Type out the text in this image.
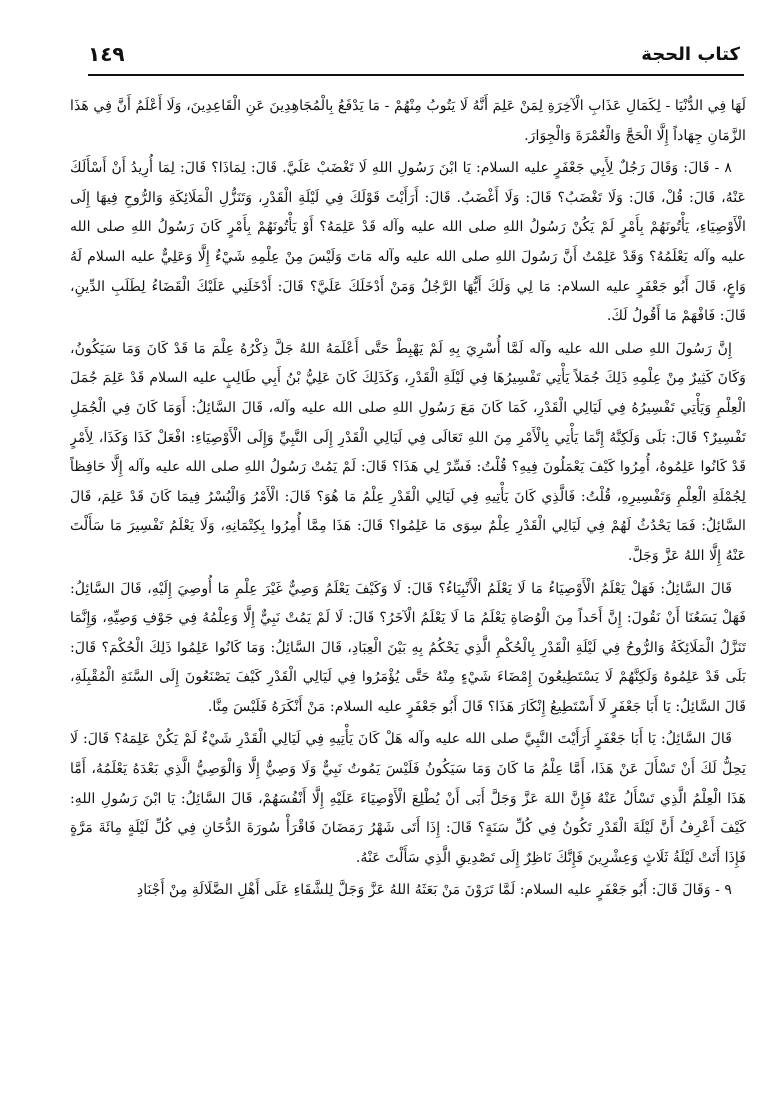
كتاب الحجة
١٤٩

لَهَا فِي الدُّنْيَا - لِكَمَالِ عَذَابِ الْآخِرَةِ لِمَنْ عَلِمَ أَنَّهُ لَا يَتُوبُ مِنْهُمْ - مَا يَدْفَعُ بِالْمُجَاهِدِينَ عَنِ الْقَاعِدِينَ، وَلَا أَعْلَمُ أَنَّ فِي هَذَا الزَّمَانِ جِهَاداً إِلَّا الْحَجَّ وَالْعُمْرَةَ وَالْجِوَارَ.

٨ - قَالَ: وَقَالَ رَجُلٌ لِأَبِي جَعْفَرٍ عليه السلام: يَا ابْنَ رَسُولِ اللهِ لَا تَغْضَبْ عَلَيَّ. قَالَ: لِمَاذَا؟ قَالَ: لِمَا أُرِيدُ أَنْ أَسْأَلَكَ عَنْهُ، قَالَ: قُلْ، قَالَ: وَلَا تَغْضَبُ؟ قَالَ: وَلَا أَغْضَبُ. قَالَ: أَرَأَيْتَ قَوْلَكَ فِي لَيْلَةِ الْقَدْرِ، وَتَنَزُّلِ الْمَلَائِكَةِ وَالرُّوحِ فِيهَا إِلَى الْأَوْصِيَاءِ، يَأْتُونَهُمْ بِأَمْرٍ لَمْ يَكُنْ رَسُولُ اللهِ صلى الله عليه وآله قَدْ عَلِمَهُ؟ أَوْ يَأْتُونَهُمْ بِأَمْرٍ كَانَ رَسُولُ اللهِ صلى الله عليه وآله يَعْلَمُهُ؟ وَقَدْ عَلِمْتُ أَنَّ رَسُولَ اللهِ صلى الله عليه وآله مَاتَ وَلَيْسَ مِنْ عِلْمِهِ شَيْءٌ إِلَّا وَعَلِيٌّ عليه السلام لَهُ وَاعٍ، قَالَ أَبُو جَعْفَرٍ عليه السلام: مَا لِي وَلَكَ أَيُّهَا الرَّجُلُ وَمَنْ أَدْخَلَكَ عَلَيَّ؟ قَالَ: أَدْخَلَنِي عَلَيْكَ الْقَضَاءُ لِطَلَبِ الدِّينِ، قَالَ: فَافْهَمْ مَا أَقُولُ لَكَ.

إِنَّ رَسُولَ اللهِ صلى الله عليه وآله لَمَّا أُسْرِيَ بِهِ لَمْ يَهْبِطْ حَتَّى أَعْلَمَهُ اللهُ جَلَّ ذِكْرُهُ عِلْمَ مَا قَدْ كَانَ وَمَا سَيَكُونُ، وَكَانَ كَثِيرٌ مِنْ عِلْمِهِ ذَلِكَ جُمَلاً يَأْتِي تَفْسِيرُهَا فِي لَيْلَةِ الْقَدْرِ، وَكَذَلِكَ كَانَ عَلِيُّ بْنُ أَبِي طَالِبٍ عليه السلام قَدْ عَلِمَ جُمَلَ الْعِلْمِ وَيَأْتِي تَفْسِيرُهُ فِي لَيَالِي الْقَدْرِ، كَمَا كَانَ مَعَ رَسُولِ اللهِ صلى الله عليه وآله، قَالَ السَّائِلُ: أَوَمَا كَانَ فِي الْجُمَلِ تَفْسِيرٌ؟ قَالَ: بَلَى وَلَكِنَّهُ إِنَّمَا يَأْتِي بِالْأَمْرِ مِنَ اللهِ تَعَالَى فِي لَيَالِي الْقَدْرِ إِلَى النَّبِيِّ وَإِلَى الْأَوْصِيَاءِ: افْعَلْ كَذَا وَكَذَا، لِأَمْرٍ قَدْ كَانُوا عَلِمُوهُ، أُمِرُوا كَيْفَ يَعْمَلُونَ فِيهِ؟ قُلْتُ: فَسِّرْ لِي هَذَا؟ قَالَ: لَمْ يَمُتْ رَسُولُ اللهِ صلى الله عليه وآله إِلَّا حَافِظاً لِجُمْلَةِ الْعِلْمِ وَتَفْسِيرِهِ، قُلْتُ: فَالَّذِي كَانَ يَأْتِيهِ فِي لَيَالِي الْقَدْرِ عِلْمُ مَا هُوَ؟ قَالَ: الْأَمْرُ وَالْيُسْرُ فِيمَا كَانَ قَدْ عَلِمَ، قَالَ السَّائِلُ: فَمَا يَحْدُثُ لَهُمْ فِي لَيَالِي الْقَدْرِ عِلْمٌ سِوَى مَا عَلِمُوا؟ قَالَ: هَذَا مِمَّا أُمِرُوا بِكِتْمَانِهِ، وَلَا يَعْلَمُ تَفْسِيرَ مَا سَأَلْتَ عَنْهُ إِلَّا اللهُ عَزَّ وَجَلَّ.

قَالَ السَّائِلُ: فَهَلْ يَعْلَمُ الْأَوْصِيَاءُ مَا لَا يَعْلَمُ الْأَنْبِيَاءُ؟ قَالَ: لَا وَكَيْفَ يَعْلَمُ وَصِيٌّ غَيْرَ عِلْمِ مَا أُوصِيَ إِلَيْهِ، قَالَ السَّائِلُ: فَهَلْ يَسَعُنَا أَنْ نَقُولَ: إِنَّ أَحَداً مِنَ الْوُصَاةِ يَعْلَمُ مَا لَا يَعْلَمُ الْآخَرُ؟ قَالَ: لَا لَمْ يَمُتْ نَبِيٌّ إِلَّا وَعِلْمُهُ فِي جَوْفِ وَصِيِّهِ، وَإِنَّمَا تَنَزَّلُ الْمَلَائِكَةُ وَالرُّوحُ فِي لَيْلَةِ الْقَدْرِ بِالْحُكْمِ الَّذِي يَحْكُمُ بِهِ بَيْنَ الْعِبَادِ، قَالَ السَّائِلُ: وَمَا كَانُوا عَلِمُوا ذَلِكَ الْحُكْمَ؟ قَالَ: بَلَى قَدْ عَلِمُوهُ وَلَكِنَّهُمْ لَا يَسْتَطِيعُونَ إِمْضَاءَ شَيْءٍ مِنْهُ حَتَّى يُؤْمَرُوا فِي لَيَالِي الْقَدْرِ كَيْفَ يَصْنَعُونَ إِلَى السَّنَةِ الْمُقْبِلَةِ، قَالَ السَّائِلُ: يَا أَبَا جَعْفَرٍ لَا أَسْتَطِيعُ إِنْكَارَ هَذَا؟ قَالَ أَبُو جَعْفَرٍ عليه السلام: مَنْ أَنْكَرَهُ فَلَيْسَ مِنَّا.

قَالَ السَّائِلُ: يَا أَبَا جَعْفَرٍ أَرَأَيْتَ النَّبِيَّ صلى الله عليه وآله هَلْ كَانَ يَأْتِيهِ فِي لَيَالِي الْقَدْرِ شَيْءٌ لَمْ يَكُنْ عَلِمَهُ؟ قَالَ: لَا يَحِلُّ لَكَ أَنْ تَسْأَلَ عَنْ هَذَا، أَمَّا عِلْمُ مَا كَانَ وَمَا سَيَكُونُ فَلَيْسَ يَمُوتُ نَبِيٌّ وَلَا وَصِيٌّ إِلَّا وَالْوَصِيُّ الَّذِي بَعْدَهُ يَعْلَمُهُ، أَمَّا هَذَا الْعِلْمُ الَّذِي تَسْأَلُ عَنْهُ فَإِنَّ اللهَ عَزَّ وَجَلَّ أَبَى أَنْ يُطْلِعَ الْأَوْصِيَاءَ عَلَيْهِ إِلَّا أَنْفُسَهُمْ، قَالَ السَّائِلُ: يَا ابْنَ رَسُولِ اللهِ: كَيْفَ أَعْرِفُ أَنَّ لَيْلَةَ الْقَدْرِ تَكُونُ فِي كُلِّ سَنَةٍ؟ قَالَ: إِذَا أَتَى شَهْرُ رَمَضَانَ فَاقْرَأْ سُورَةَ الدُّخَانِ فِي كُلِّ لَيْلَةٍ مِائَةَ مَرَّةٍ فَإِذَا أَتَتْ لَيْلَةُ ثَلَاثٍ وَعِشْرِينَ فَإِنَّكَ نَاظِرٌ إِلَى تَصْدِيقِ الَّذِي سَأَلْتَ عَنْهُ.

٩ - وَقَالَ قَالَ: أَبُو جَعْفَرٍ عليه السلام: لَمَّا تَرَوْنَ مَنْ بَعَثَهُ اللهُ عَزَّ وَجَلَّ لِلشَّقَاءِ عَلَى أَهْلِ الضَّلَالَةِ مِنْ أَجْنَادِ
